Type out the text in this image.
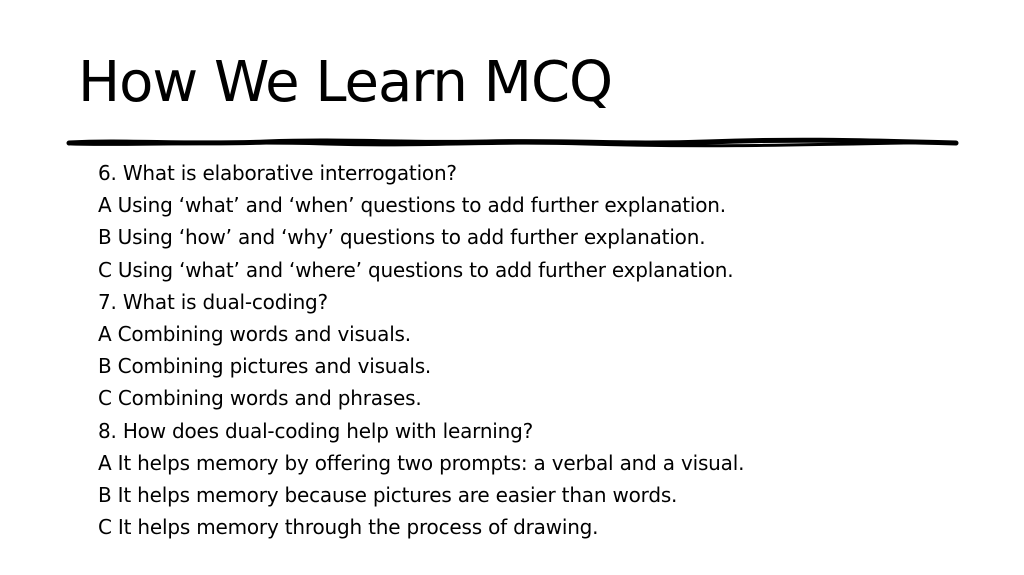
How We Learn MCQ
6. What is elaborative interrogation?
A Using ‘what’ and ‘when’ questions to add further explanation.
B Using ‘how’ and ‘why’ questions to add further explanation.
C Using ‘what’ and ‘where’ questions to add further explanation.
7. What is dual-coding?
A Combining words and visuals.
B Combining pictures and visuals.
C Combining words and phrases.
8. How does dual-coding help with learning?
A It helps memory by offering two prompts: a verbal and a visual.
B It helps memory because pictures are easier than words.
C It helps memory through the process of drawing.
